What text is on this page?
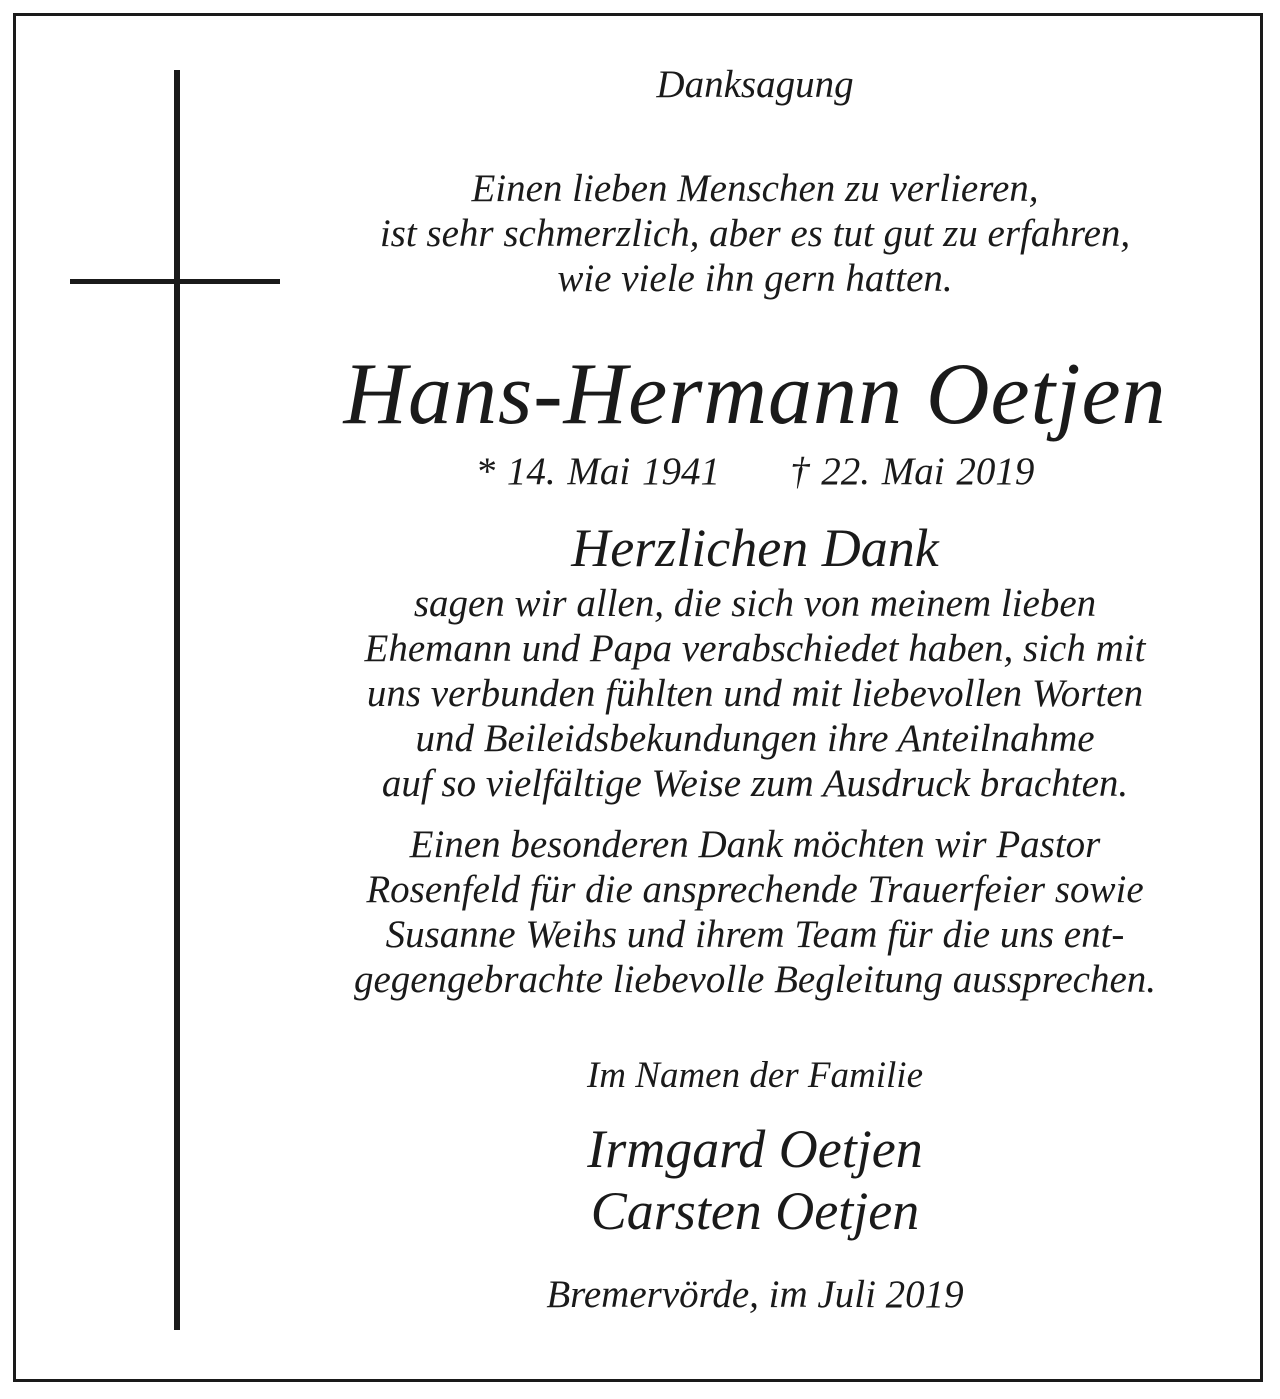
Danksagung
Einen lieben Menschen zu verlieren,
ist sehr schmerzlich, aber es tut gut zu erfahren,
wie viele ihn gern hatten.
Hans-Hermann Oetjen
* 14. Mai 1941 † 22. Mai 2019
Herzlichen Dank
sagen wir allen, die sich von meinem lieben
Ehemann und Papa verabschiedet haben, sich mit
uns verbunden fühlten und mit liebevollen Worten
und Beileidsbekundungen ihre Anteilnahme
auf so vielfältige Weise zum Ausdruck brachten.
Einen besonderen Dank möchten wir Pastor
Rosenfeld für die ansprechende Trauerfeier sowie
Susanne Weihs und ihrem Team für die uns ent-
gegengebrachte liebevolle Begleitung aussprechen.
Im Namen der Familie
Irmgard Oetjen
Carsten Oetjen
Bremervörde, im Juli 2019
